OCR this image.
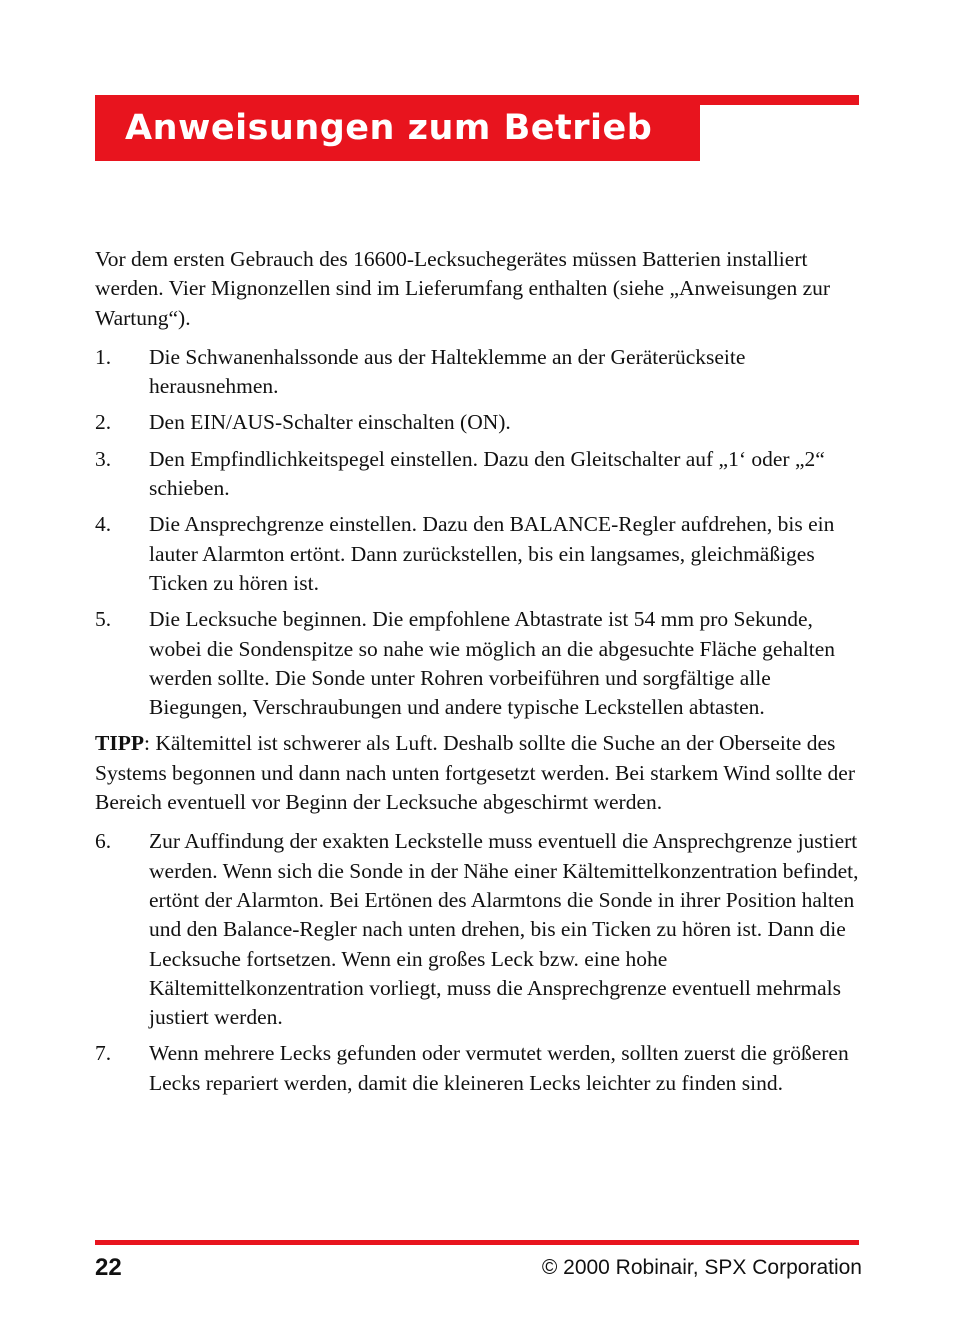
Anweisungen zum Betrieb

Vor dem ersten Gebrauch des 16600-Lecksuchegerätes müssen Batterien installiert werden. Vier Mignonzellen sind im Lieferumfang enthalten (siehe „Anweisungen zur Wartung“).

1. Die Schwanenhalssonde aus der Halteklemme an der Geräterückseite herausnehmen.
2. Den EIN/AUS-Schalter einschalten (ON).
3. Den Empfindlichkeitspegel einstellen. Dazu den Gleitschalter auf „1‘ oder „2“ schieben.
4. Die Ansprechgrenze einstellen. Dazu den BALANCE-Regler aufdrehen, bis ein lauter Alarmton ertönt. Dann zurückstellen, bis ein langsames, gleichmäßiges Ticken zu hören ist.
5. Die Lecksuche beginnen. Die empfohlene Abtastrate ist 54 mm pro Sekunde, wobei die Sondenspitze so nahe wie möglich an die abgesuchte Fläche gehalten werden sollte. Die Sonde unter Rohren vorbeiführen und sorgfältige alle Biegungen, Verschraubungen und andere typische Leckstellen abtasten.

TIPP: Kältemittel ist schwerer als Luft. Deshalb sollte die Suche an der Oberseite des Systems begonnen und dann nach unten fortgesetzt werden. Bei starkem Wind sollte der Bereich eventuell vor Beginn der Lecksuche abgeschirmt werden.

6. Zur Auffindung der exakten Leckstelle muss eventuell die Ansprechgrenze justiert werden. Wenn sich die Sonde in der Nähe einer Kältemittelkonzentration befindet, ertönt der Alarmton. Bei Ertönen des Alarmtons die Sonde in ihrer Position halten und den Balance-Regler nach unten drehen, bis ein Ticken zu hören ist. Dann die Lecksuche fortsetzen. Wenn ein großes Leck bzw. eine hohe Kältemittelkonzentration vorliegt, muss die Ansprechgrenze eventuell mehrmals justiert werden.
7. Wenn mehrere Lecks gefunden oder vermutet werden, sollten zuerst die größeren Lecks repariert werden, damit die kleineren Lecks leichter zu finden sind.
22	© 2000 Robinair, SPX Corporation
